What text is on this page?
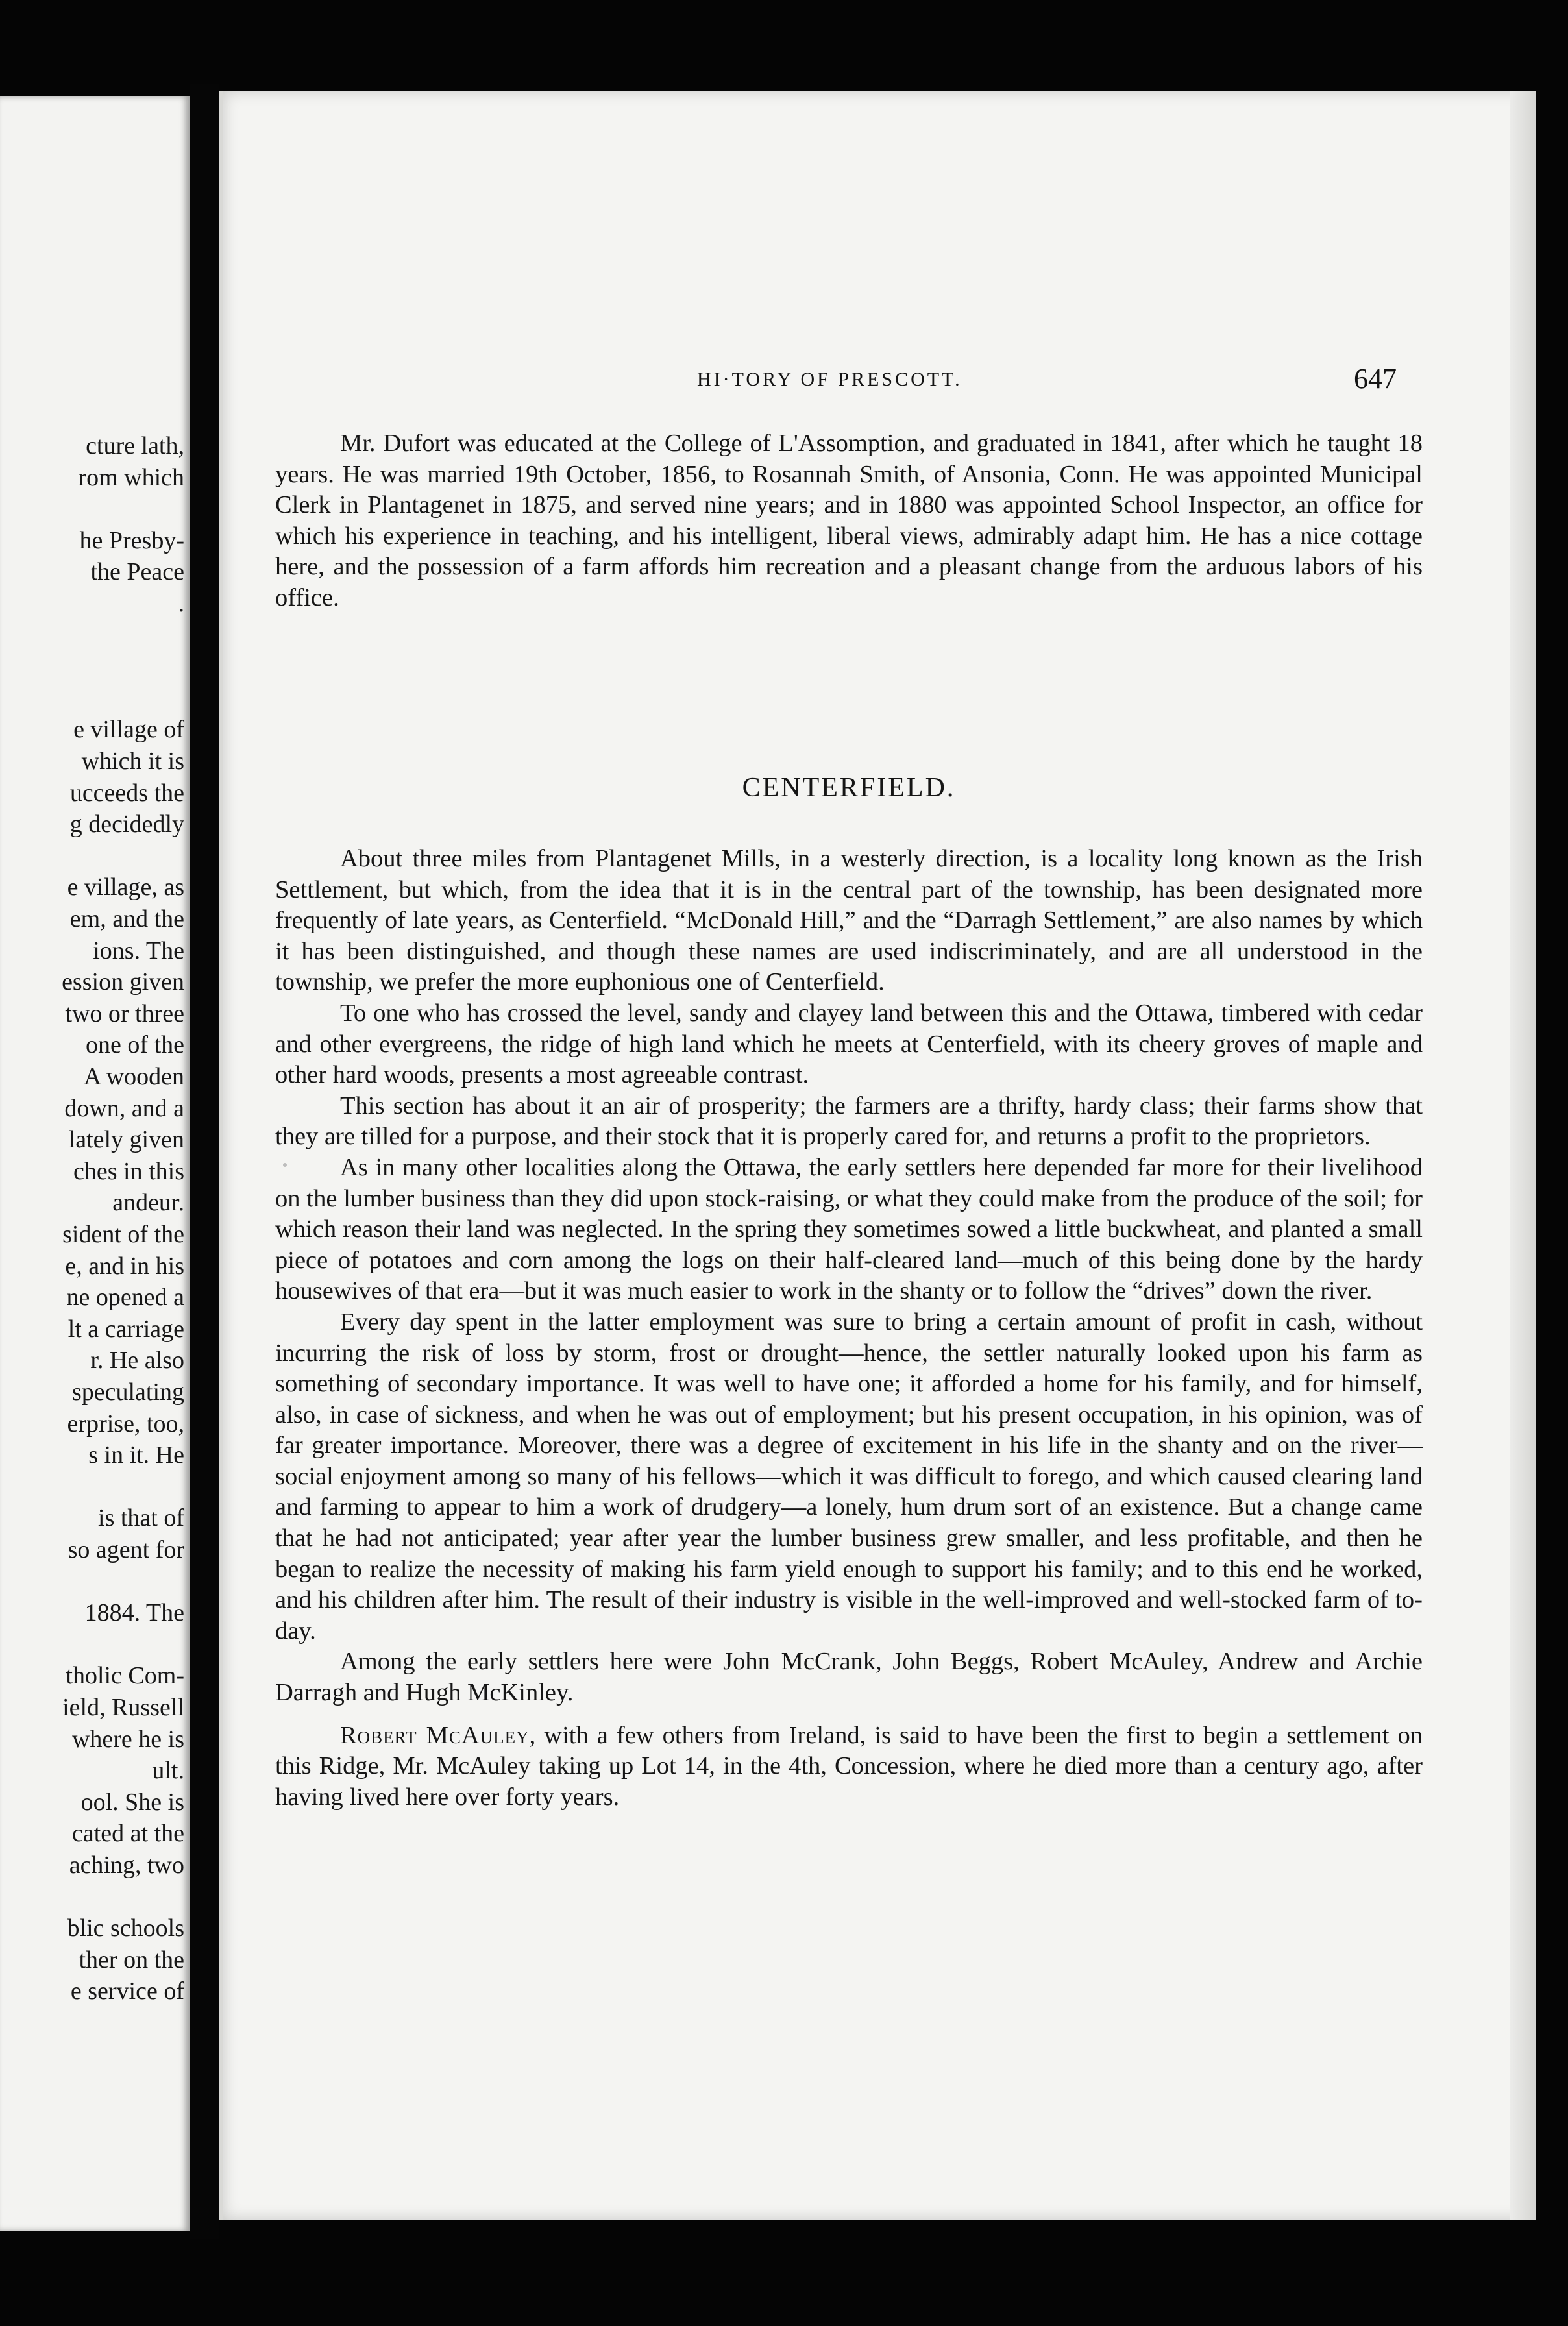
cture lath,
rom which
he Presby-
the Peace
.
e village of
which it is
ucceeds the
g decidedly
e village, as
em, and the
ions. The
ession given
two or three
one of the
A wooden
down, and a
lately given
ches in this
andeur.
sident of the
e, and in his
ne opened a
lt a carriage
r. He also
speculating
erprise, too,
s in it. He
is that of
so agent for
1884. The
tholic Com-
ield, Russell
where he is
ult.
ool. She is
cated at the
aching, two
blic schools
ther on the
e service of
HI·TORY OF PRESCOTT.	647

Mr. Dufort was educated at the College of L'Assomption, and graduated in 1841, after which he taught 18 years. He was married 19th October, 1856, to Rosannah Smith, of Ansonia, Conn. He was appointed Municipal Clerk in Plantagenet in 1875, and served nine years; and in 1880 was appointed School Inspector, an office for which his experience in teaching, and his intelligent, liberal views, admirably adapt him. He has a nice cottage here, and the possession of a farm affords him recreation and a pleasant change from the arduous labors of his office.

CENTERFIELD.

About three miles from Plantagenet Mills, in a westerly direction, is a locality long known as the Irish Settlement, but which, from the idea that it is in the central part of the township, has been designated more frequently of late years, as Centerfield. “McDonald Hill,” and the “Darragh Settlement,” are also names by which it has been distinguished, and though these names are used indiscriminately, and are all understood in the township, we prefer the more euphonious one of Centerfield.

To one who has crossed the level, sandy and clayey land between this and the Ottawa, timbered with cedar and other evergreens, the ridge of high land which he meets at Centerfield, with its cheery groves of maple and other hard woods, presents a most agreeable contrast.

This section has about it an air of prosperity; the farmers are a thrifty, hardy class; their farms show that they are tilled for a purpose, and their stock that it is properly cared for, and returns a profit to the proprietors.

As in many other localities along the Ottawa, the early settlers here depended far more for their livelihood on the lumber business than they did upon stock-raising, or what they could make from the produce of the soil; for which reason their land was neglected. In the spring they sometimes sowed a little buckwheat, and planted a small piece of potatoes and corn among the logs on their half-cleared land—much of this being done by the hardy housewives of that era—but it was much easier to work in the shanty or to follow the “drives” down the river.

Every day spent in the latter employment was sure to bring a certain amount of profit in cash, without incurring the risk of loss by storm, frost or drought—hence, the settler naturally looked upon his farm as something of secondary importance. It was well to have one; it afforded a home for his family, and for himself, also, in case of sickness, and when he was out of employment; but his present occupation, in his opinion, was of far greater importance. Moreover, there was a degree of excitement in his life in the shanty and on the river—social enjoyment among so many of his fellows—which it was difficult to forego, and which caused clearing land and farming to appear to him a work of drudgery—a lonely, hum drum sort of an existence. But a change came that he had not anticipated; year after year the lumber business grew smaller, and less profitable, and then he began to realize the necessity of making his farm yield enough to support his family; and to this end he worked, and his children after him. The result of their industry is visible in the well-improved and well-stocked farm of to-day.

Among the early settlers here were John McCrank, John Beggs, Robert McAuley, Andrew and Archie Darragh and Hugh McKinley.

Robert McAuley, with a few others from Ireland, is said to have been the first to begin a settlement on this Ridge, Mr. McAuley taking up Lot 14, in the 4th, Concession, where he died more than a century ago, after having lived here over forty years.
